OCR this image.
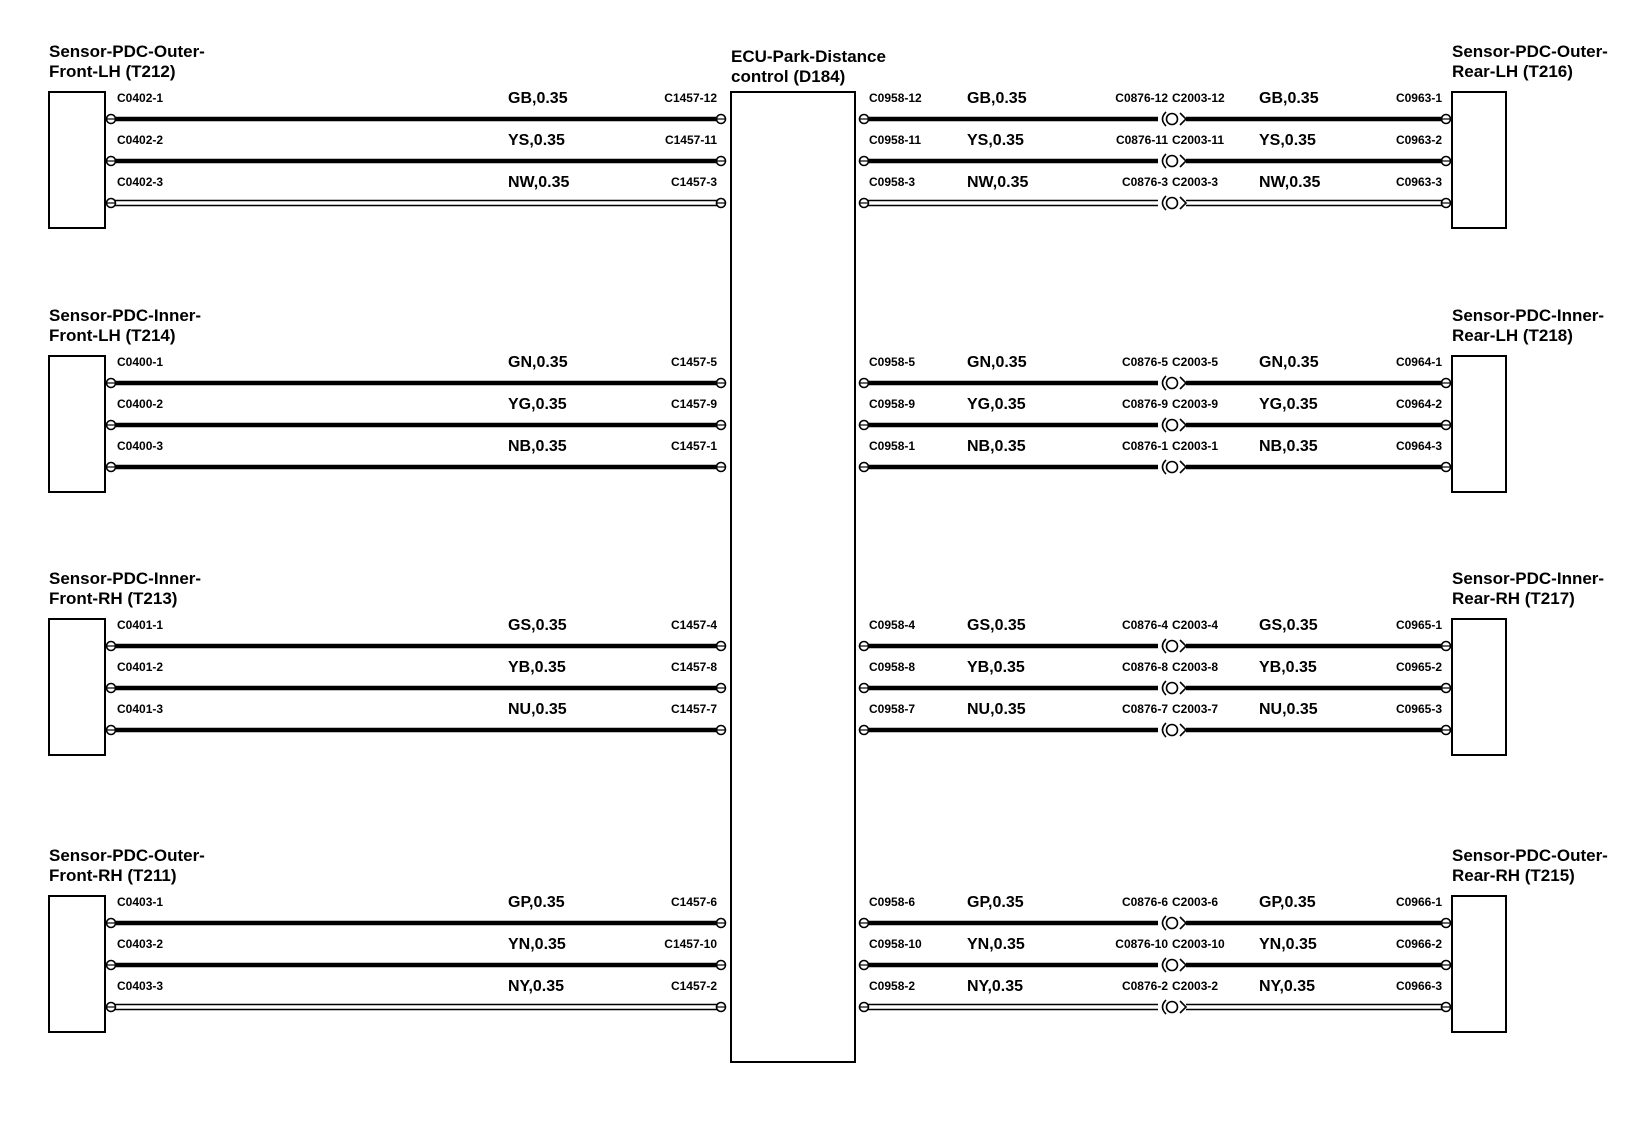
ECU-Park-Distance
control (D184)
Sensor-PDC-Outer-
Front-LH (T212)
C0402-1	GB,0.35	C1457-12
C0402-2	YS,0.35	C1457-11
C0402-3	NW,0.35	C1457-3
Sensor-PDC-Inner-
Front-LH (T214)
C0400-1	GN,0.35	C1457-5
C0400-2	YG,0.35	C1457-9
C0400-3	NB,0.35	C1457-1
Sensor-PDC-Inner-
Front-RH (T213)
C0401-1	GS,0.35	C1457-4
C0401-2	YB,0.35	C1457-8
C0401-3	NU,0.35	C1457-7
Sensor-PDC-Outer-
Front-RH (T211)
C0403-1	GP,0.35	C1457-6
C0403-2	YN,0.35	C1457-10
C0403-3	NY,0.35	C1457-2
Sensor-PDC-Outer-
Rear-LH (T216)
C0958-12	GB,0.35	C0876-12 C2003-12 GB,0.35	C0963-1
C0958-11	YS,0.35	C0876-11 C2003-11 YS,0.35	C0963-2
C0958-3	NW,0.35	C0876-3 C2003-3	NW,0.35	C0963-3
Sensor-PDC-Inner-
Rear-LH (T218)
C0958-5	GN,0.35	C0876-5 C2003-5	GN,0.35	C0964-1
C0958-9	YG,0.35	C0876-9 C2003-9	YG,0.35	C0964-2
C0958-1	NB,0.35	C0876-1 C2003-1	NB,0.35	C0964-3
Sensor-PDC-Inner-
Rear-RH (T217)
C0958-4	GS,0.35	C0876-4 C2003-4	GS,0.35	C0965-1
C0958-8	YB,0.35	C0876-8 C2003-8	YB,0.35	C0965-2
C0958-7	NU,0.35	C0876-7 C2003-7	NU,0.35	C0965-3
Sensor-PDC-Outer-
Rear-RH (T215)
C0958-6	GP,0.35	C0876-6 C2003-6	GP,0.35	C0966-1
C0958-10	YN,0.35	C0876-10 C2003-10 YN,0.35	C0966-2
C0958-2	NY,0.35	C0876-2 C2003-2	NY,0.35	C0966-3
